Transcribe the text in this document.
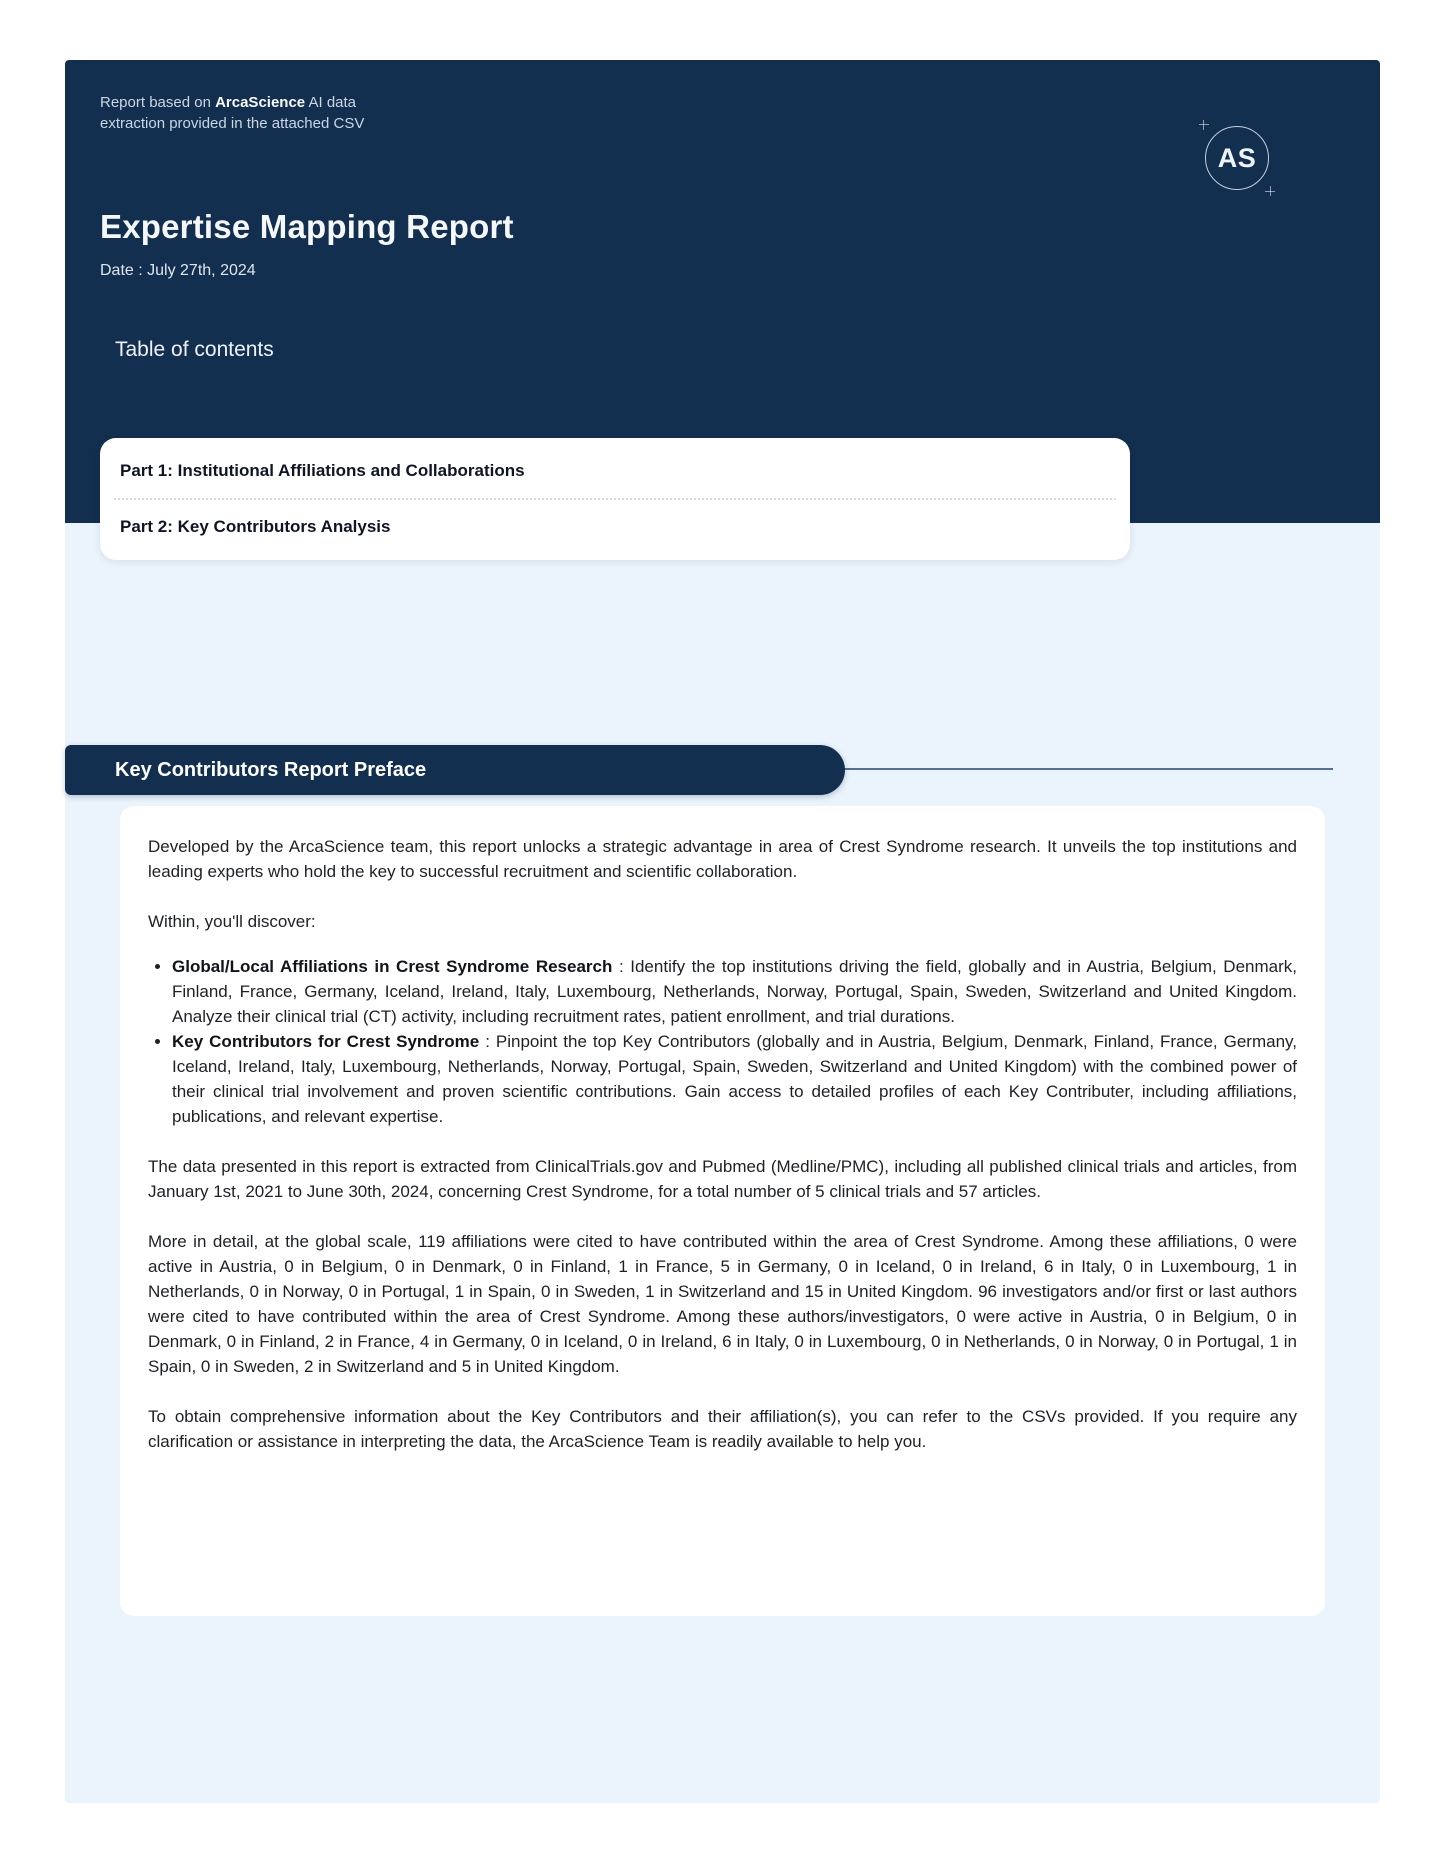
Report based on ArcaScience AI data extraction provided in the attached CSV

AS
Expertise Mapping Report

Date : July 27th, 2024

Table of contents
Part 1: Institutional Affiliations and Collaborations
Part 2: Key Contributors Analysis
Key Contributors Report Preface

Developed by the ArcaScience team, this report unlocks a strategic advantage in area of Crest Syndrome research. It unveils the top institutions and leading experts who hold the key to successful recruitment and scientific collaboration.

Within, you'll discover:

• Global/Local Affiliations in Crest Syndrome Research : Identify the top institutions driving the field, globally and in Austria, Belgium, Denmark, Finland, France, Germany, Iceland, Ireland, Italy, Luxembourg, Netherlands, Norway, Portugal, Spain, Sweden, Switzerland and United Kingdom. Analyze their clinical trial (CT) activity, including recruitment rates, patient enrollment, and trial durations.
• Key Contributors for Crest Syndrome : Pinpoint the top Key Contributors (globally and in Austria, Belgium, Denmark, Finland, France, Germany, Iceland, Ireland, Italy, Luxembourg, Netherlands, Norway, Portugal, Spain, Sweden, Switzerland and United Kingdom) with the combined power of their clinical trial involvement and proven scientific contributions. Gain access to detailed profiles of each Key Contributer, including affiliations, publications, and relevant expertise.

The data presented in this report is extracted from ClinicalTrials.gov and Pubmed (Medline/PMC), including all published clinical trials and articles, from January 1st, 2021 to June 30th, 2024, concerning Crest Syndrome, for a total number of 5 clinical trials and 57 articles.

More in detail, at the global scale, 119 affiliations were cited to have contributed within the area of Crest Syndrome. Among these affiliations, 0 were active in Austria, 0 in Belgium, 0 in Denmark, 0 in Finland, 1 in France, 5 in Germany, 0 in Iceland, 0 in Ireland, 6 in Italy, 0 in Luxembourg, 1 in Netherlands, 0 in Norway, 0 in Portugal, 1 in Spain, 0 in Sweden, 1 in Switzerland and 15 in United Kingdom. 96 investigators and/or first or last authors were cited to have contributed within the area of Crest Syndrome. Among these authors/investigators, 0 were active in Austria, 0 in Belgium, 0 in Denmark, 0 in Finland, 2 in France, 4 in Germany, 0 in Iceland, 0 in Ireland, 6 in Italy, 0 in Luxembourg, 0 in Netherlands, 0 in Norway, 0 in Portugal, 1 in Spain, 0 in Sweden, 2 in Switzerland and 5 in United Kingdom.

To obtain comprehensive information about the Key Contributors and their affiliation(s), you can refer to the CSVs provided. If you require any clarification or assistance in interpreting the data, the ArcaScience Team is readily available to help you.
